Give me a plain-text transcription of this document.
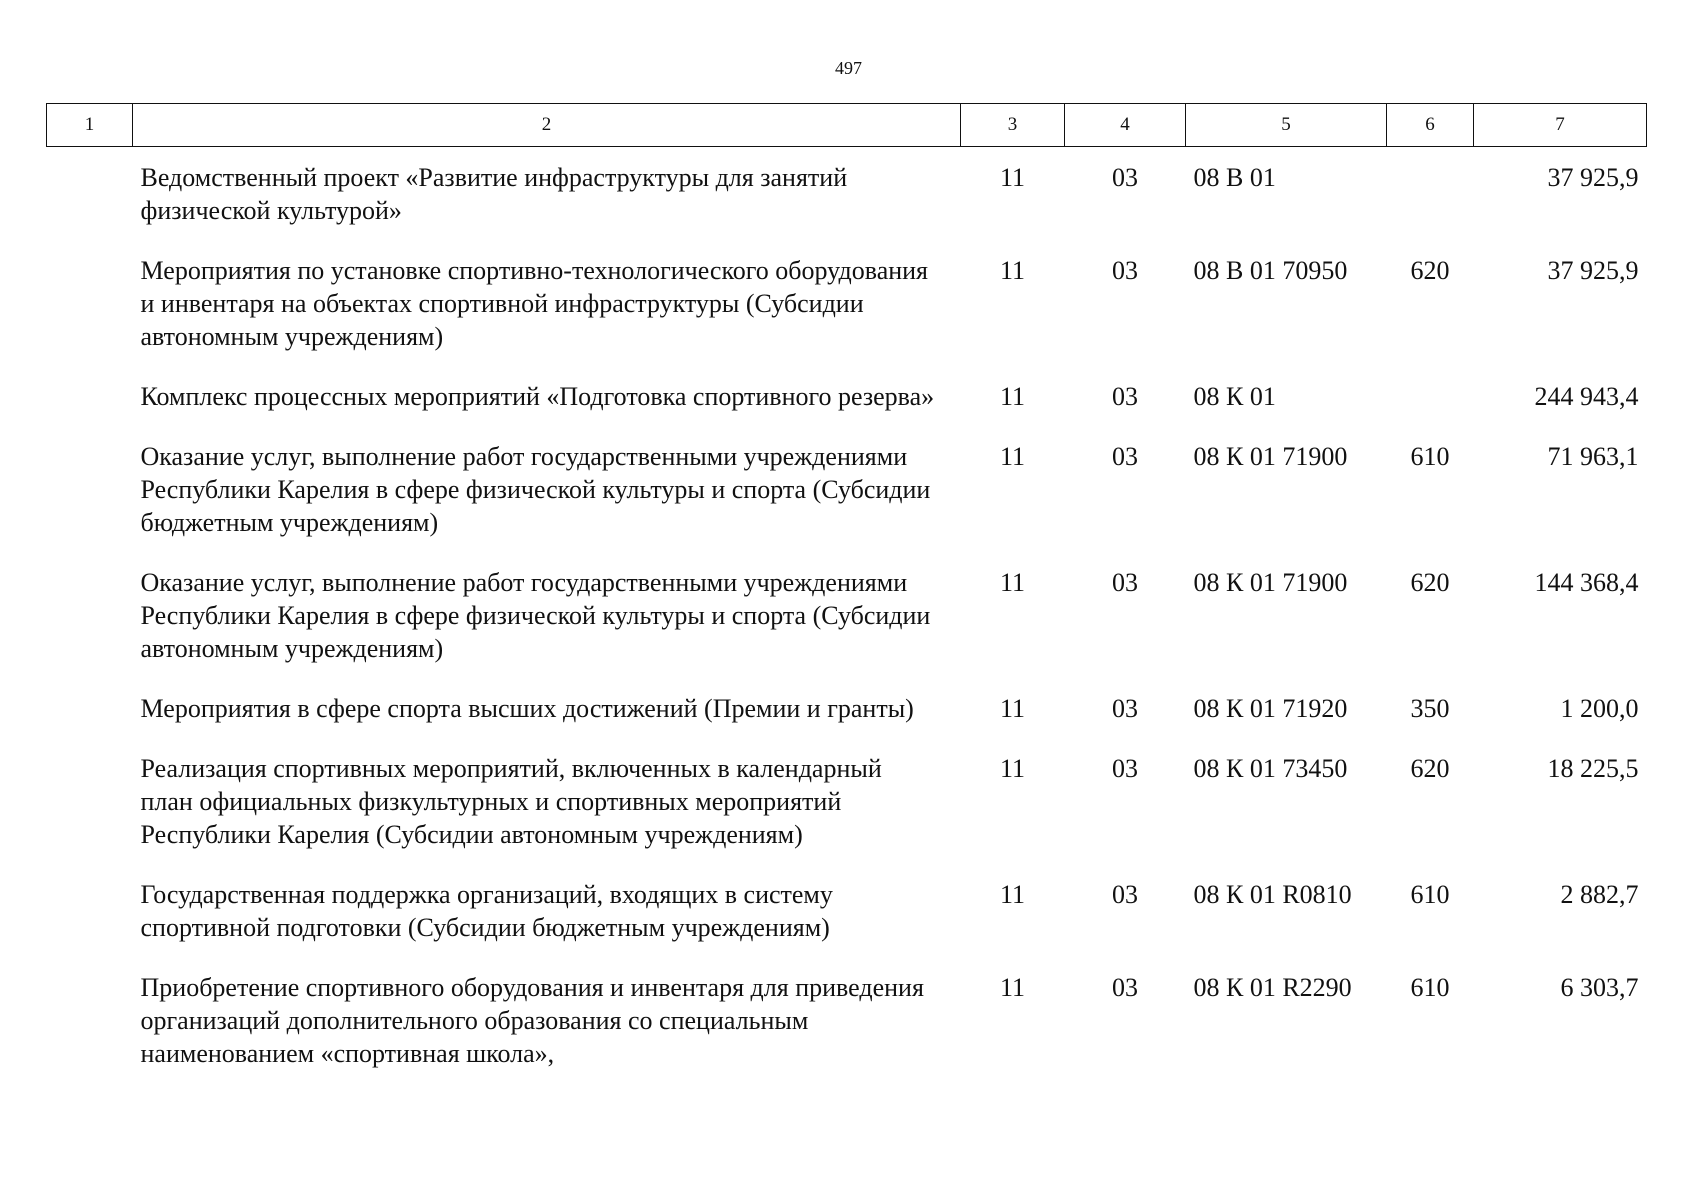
497
1	2	3	4	5	6	7
	Ведомственный проект «Развитие инфраструктуры для занятий физической культурой»	11	03	08 В 01		37 925,9
	Мероприятия по установке спортивно-технологического оборудования и инвентаря на объектах спортивной инфраструктуры (Субсидии автономным учреждениям)	11	03	08 В 01 70950	620	37 925,9
	Комплекс процессных мероприятий «Подготовка спортивного резерва»	11	03	08 К 01		244 943,4
	Оказание услуг, выполнение работ государственными учреждениями Республики Карелия в сфере физической культуры и спорта (Субсидии бюджетным учреждениям)	11	03	08 К 01 71900	610	71 963,1
	Оказание услуг, выполнение работ государственными учреждениями Республики Карелия в сфере физической культуры и спорта (Субсидии автономным учреждениям)	11	03	08 К 01 71900	620	144 368,4
	Мероприятия в сфере спорта высших достижений (Премии и гранты)	11	03	08 К 01 71920	350	1 200,0
	Реализация спортивных мероприятий, включенных в календарный план официальных физкультурных и спортивных мероприятий Республики Карелия (Субсидии автономным учреждениям)	11	03	08 К 01 73450	620	18 225,5
	Государственная поддержка организаций, входящих в систему спортивной подготовки (Субсидии бюджетным учреждениям)	11	03	08 К 01 R0810	610	2 882,7
	Приобретение спортивного оборудования и инвентаря для приведения организаций дополнительного образования со специальным наименованием «спортивная школа»,	11	03	08 К 01 R2290	610	6 303,7
